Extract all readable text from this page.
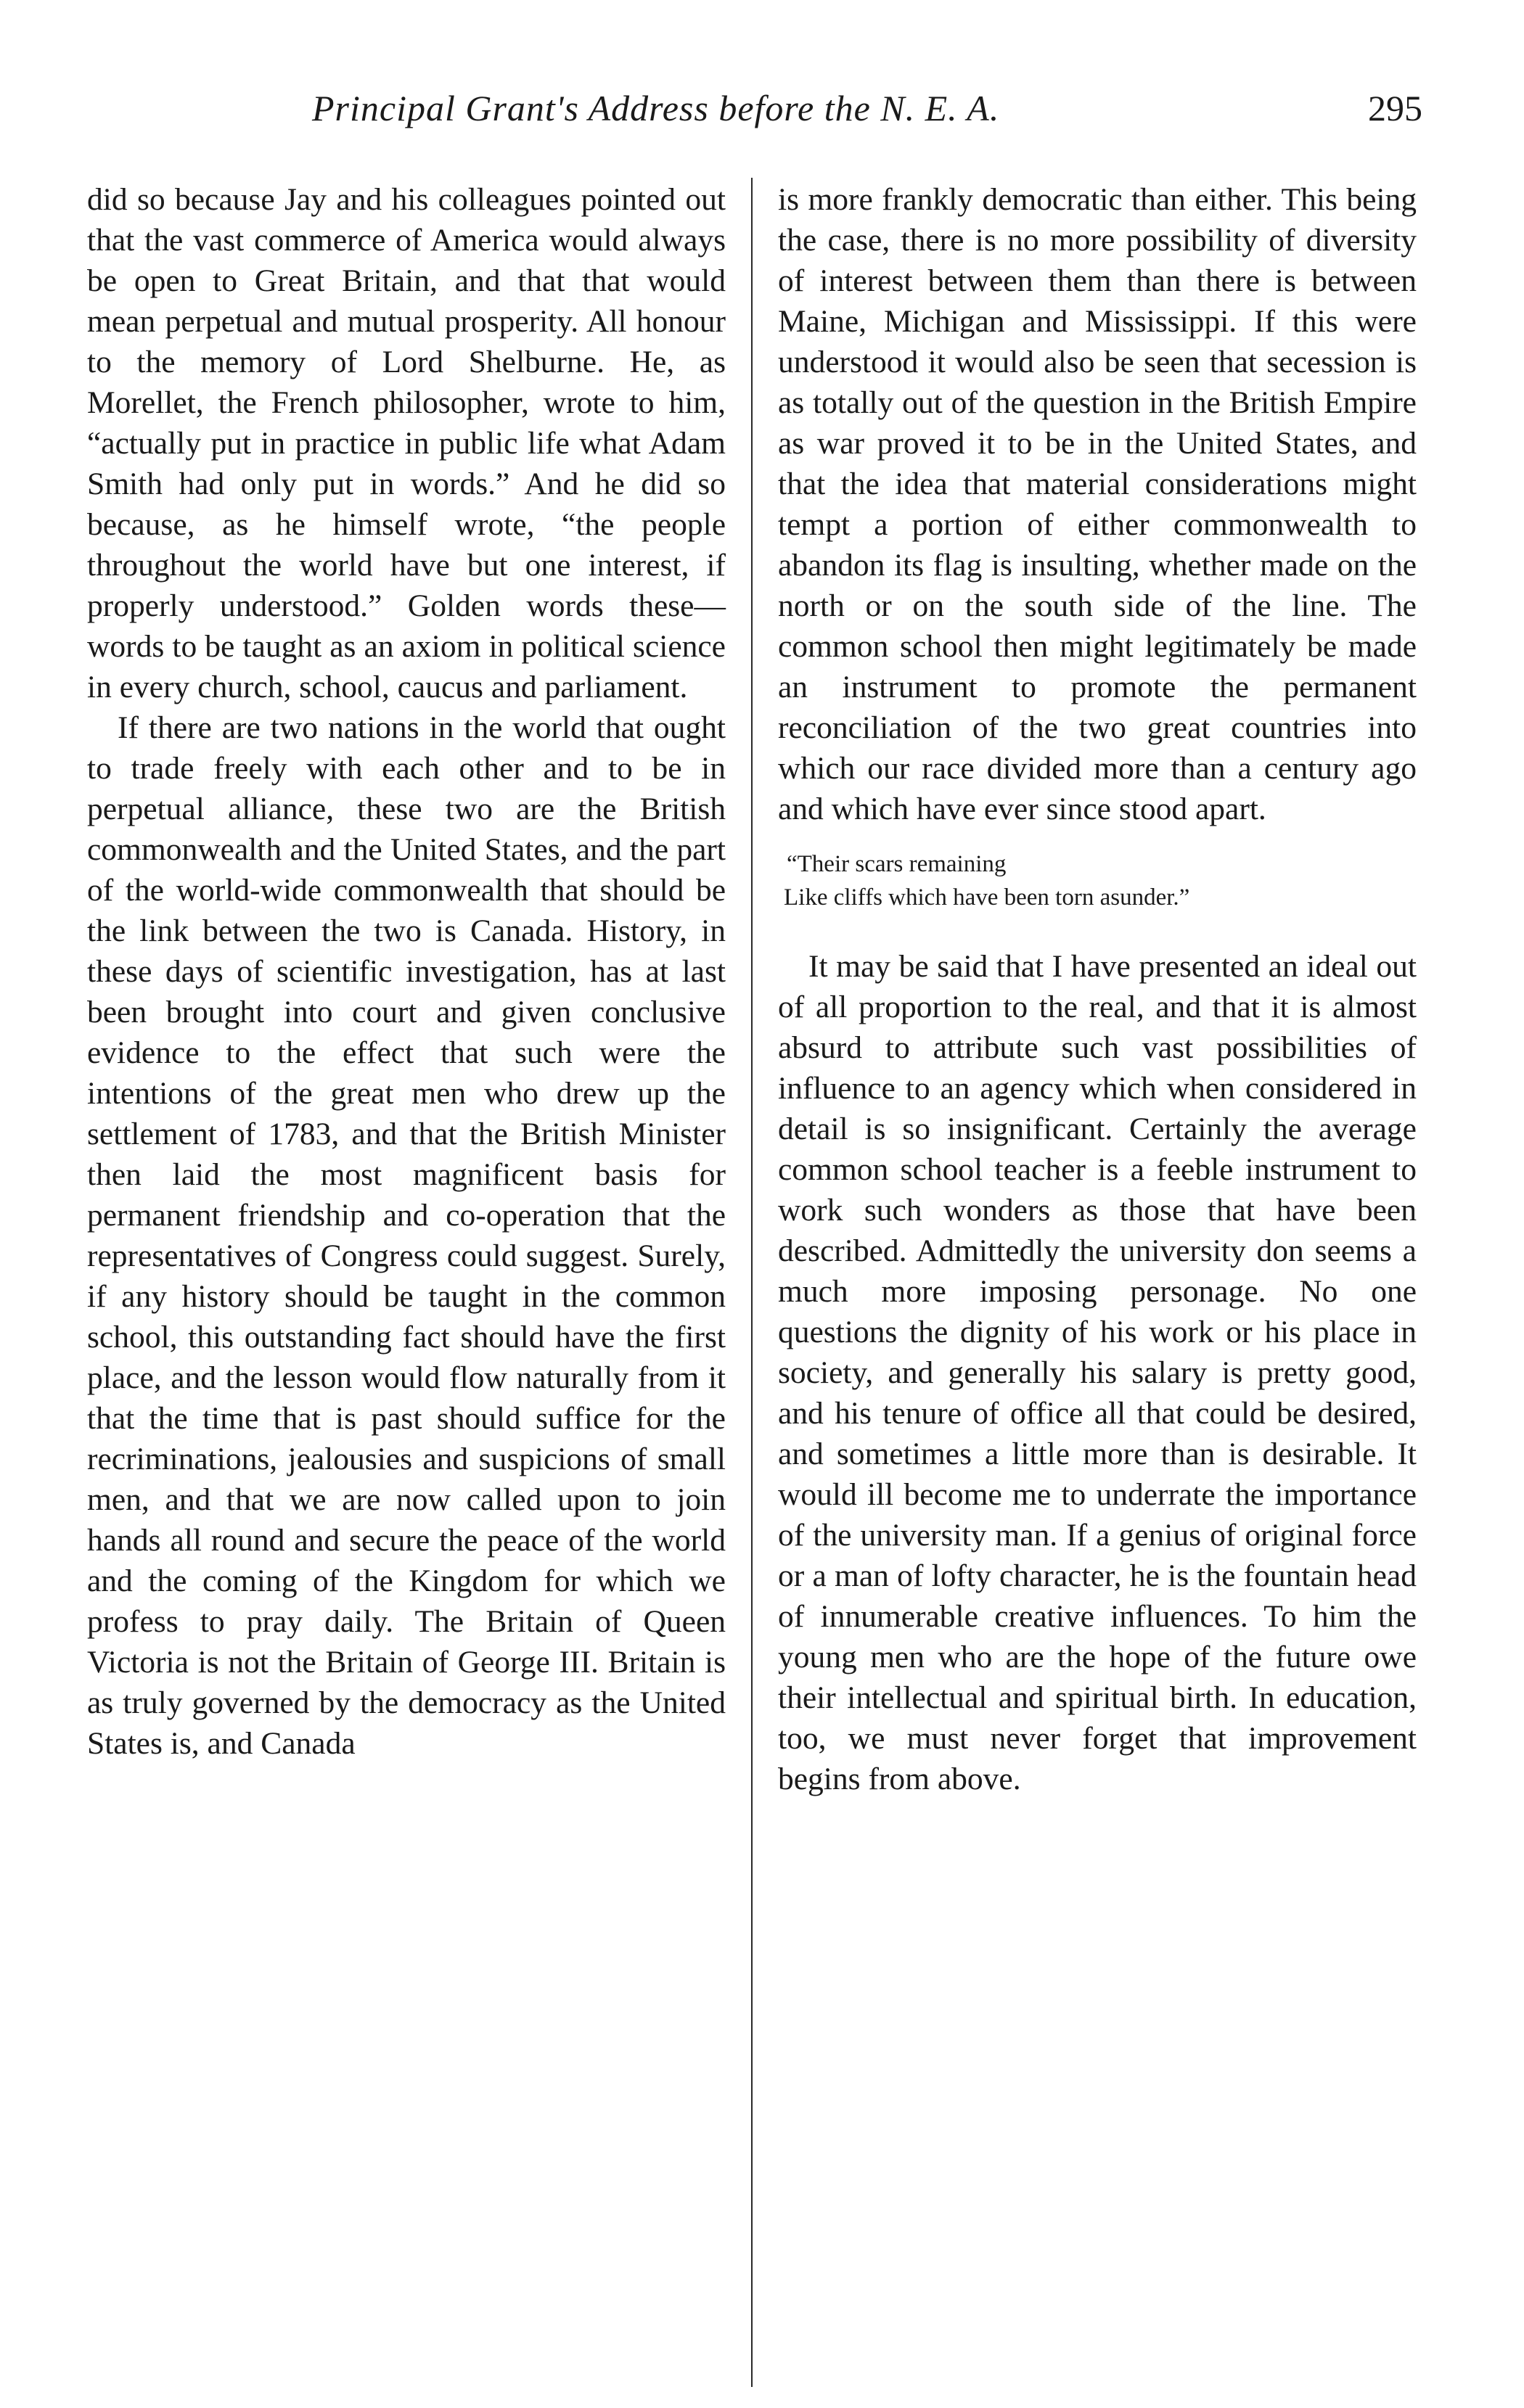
Principal Grant's Address before the N. E. A.	295

did so because Jay and his colleagues pointed out that the vast commerce of America would always be open to Great Britain, and that that would mean perpetual and mutual prosperity. All honour to the memory of Lord Shelburne. He, as Morellet, the French philosopher, wrote to him, “actually put in practice in public life what Adam Smith had only put in words.” And he did so because, as he himself wrote, “the people throughout the world have but one interest, if properly understood.” Golden words these—words to be taught as an axiom in political science in every church, school, caucus and parliament.

If there are two nations in the world that ought to trade freely with each other and to be in perpetual alliance, these two are the British commonwealth and the United States, and the part of the world-wide commonwealth that should be the link between the two is Canada. History, in these days of scientific investigation, has at last been brought into court and given conclusive evidence to the effect that such were the intentions of the great men who drew up the settlement of 1783, and that the British Minister then laid the most magnificent basis for permanent friendship and co-operation that the representatives of Congress could suggest. Surely, if any history should be taught in the common school, this outstanding fact should have the first place, and the lesson would flow naturally from it that the time that is past should suffice for the recriminations, jealousies and suspicions of small men, and that we are now called upon to join hands all round and secure the peace of the world and the coming of the Kingdom for which we profess to pray daily. The Britain of Queen Victoria is not the Britain of George III. Britain is as truly governed by the democracy as the United States is, and Canada

is more frankly democratic than either. This being the case, there is no more possibility of diversity of interest between them than there is between Maine, Michigan and Mississippi. If this were understood it would also be seen that secession is as totally out of the question in the British Empire as war proved it to be in the United States, and that the idea that material considerations might tempt a portion of either commonwealth to abandon its flag is insulting, whether made on the north or on the south side of the line. The common school then might legitimately be made an instrument to promote the permanent reconciliation of the two great countries into which our race divided more than a century ago and which have ever since stood apart.

“Their scars remaining
Like cliffs which have been torn asunder.”

It may be said that I have presented an ideal out of all proportion to the real, and that it is almost absurd to attribute such vast possibilities of influence to an agency which when considered in detail is so insignificant. Certainly the average common school teacher is a feeble instrument to work such wonders as those that have been described. Admittedly the university don seems a much more imposing personage. No one questions the dignity of his work or his place in society, and generally his salary is pretty good, and his tenure of office all that could be desired, and sometimes a little more than is desirable. It would ill become me to underrate the importance of the university man. If a genius of original force or a man of lofty character, he is the fountain head of innumerable creative influences. To him the young men who are the hope of the future owe their intellectual and spiritual birth. In education, too, we must never forget that improvement begins from above.
